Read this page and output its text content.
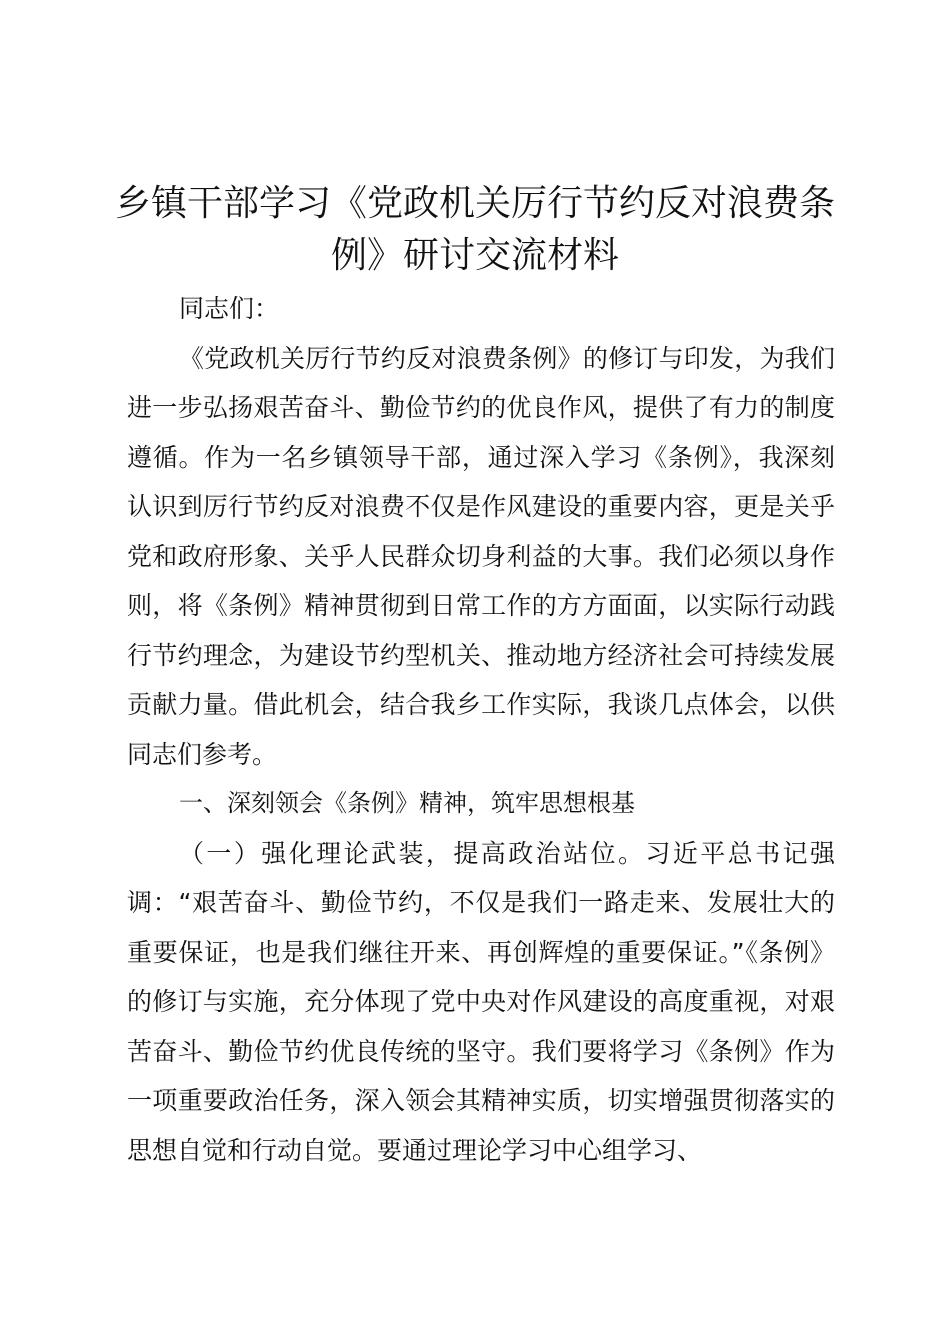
乡镇干部学习《党政机关厉行节约反对浪费条例》研讨交流材料

同志们：

《党政机关厉行节约反对浪费条例》的修订与印发，为我们进一步弘扬艰苦奋斗、勤俭节约的优良作风，提供了有力的制度遵循。作为一名乡镇领导干部，通过深入学习《条例》，我深刻认识到厉行节约反对浪费不仅是作风建设的重要内容，更是关乎党和政府形象、关乎人民群众切身利益的大事。我们必须以身作则，将《条例》精神贯彻到日常工作的方方面面，以实际行动践行节约理念，为建设节约型机关、推动地方经济社会可持续发展贡献力量。借此机会，结合我乡工作实际，我谈几点体会，以供同志们参考。

一、深刻领会《条例》精神，筑牢思想根基

（一）强化理论武装，提高政治站位。习近平总书记强调：“艰苦奋斗、勤俭节约，不仅是我们一路走来、发展壮大的重要保证，也是我们继往开来、再创辉煌的重要保证。”《条例》的修订与实施，充分体现了党中央对作风建设的高度重视，对艰苦奋斗、勤俭节约优良传统的坚守。我们要将学习《条例》作为一项重要政治任务，深入领会其精神实质，切实增强贯彻落实的思想自觉和行动自觉。要通过理论学习中心组学习、
